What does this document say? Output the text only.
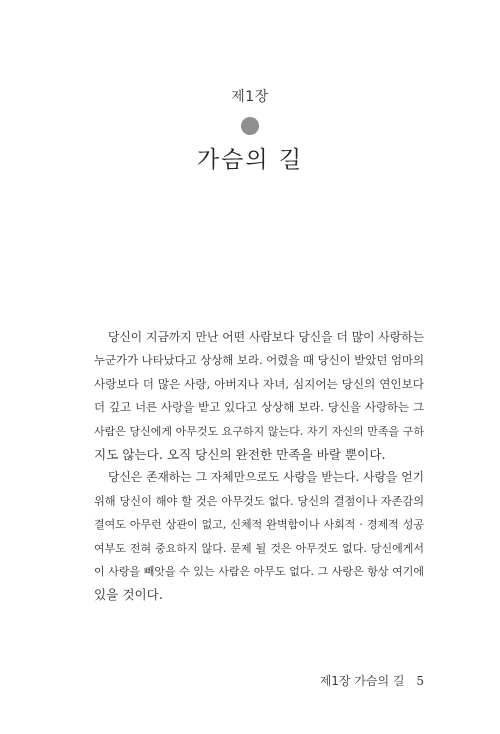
제1장
가슴의 길
당신이 지금까지 만난 어떤 사람보다 당신을 더 많이 사랑하는
누군가가 나타났다고 상상해 보라. 어렸을 때 당신이 받았던 엄마의
사랑보다 더 많은 사랑, 아버지나 자녀, 심지어는 당신의 연인보다
더 깊고 너른 사랑을 받고 있다고 상상해 보라. 당신을 사랑하는 그
사람은 당신에게 아무것도 요구하지 않는다. 자기 자신의 만족을 구하
지도 않는다. 오직 당신의 완전한 만족을 바랄 뿐이다.
당신은 존재하는 그 자체만으로도 사랑을 받는다. 사랑을 얻기
위해 당신이 해야 할 것은 아무것도 없다. 당신의 결점이나 자존감의
결여도 아무런 상관이 없고, 신체적 완벽함이나 사회적 · 경제적 성공
여부도 전혀 중요하지 않다. 문제 될 것은 아무것도 없다. 당신에게서
이 사랑을 빼앗을 수 있는 사람은 아무도 없다. 그 사랑은 항상 여기에
있을 것이다.
제1장 가슴의 길 5
